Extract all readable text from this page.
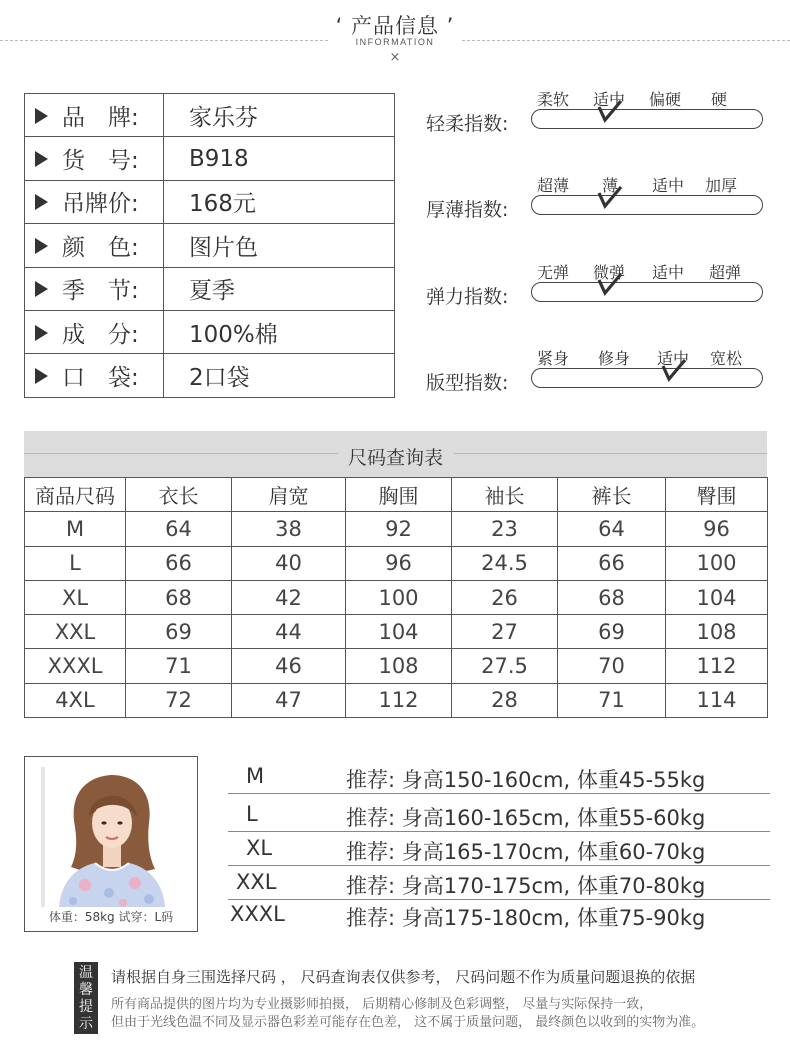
‘ 产品信息 ’
INFORMATION
×
品　牌:	家乐芬
货　号:	B918
吊牌价:	168元
颜　色:	图片色
季　节:	夏季
成　分:	100%棉
口　袋:	2口袋
轻柔指数:
柔软 适中 偏硬 硬
厚薄指数:
超薄 薄 适中 加厚
弹力指数:
无弹 微弹 适中 超弹
版型指数:
紧身 修身 适中 宽松
尺码查询表
商品尺码	衣长	肩宽	胸围	袖长	裤长	臀围
M	64	38	92	23	64	96
L	66	40	96	24.5	66	100
XL	68	42	100	26	68	104
XXL	69	44	104	27	69	108
XXXL	71	46	108	27.5	70	112
4XL	72	47	112	28	71	114
体重：58kg 试穿：L码
M	推荐: 身高150-160cm, 体重45-55kg
L	推荐: 身高160-165cm, 体重55-60kg
XL	推荐: 身高165-170cm, 体重60-70kg
XXL	推荐: 身高170-175cm, 体重70-80kg
XXXL	推荐: 身高175-180cm, 体重75-90kg
温馨提示
请根据自身三围选择尺码 ， 尺码查询表仅供参考， 尺码问题不作为质量问题退换的依据
所有商品提供的图片均为专业摄影师拍摄， 后期精心修制及色彩调整， 尽量与实际保持一致，
但由于光线色温不同及显示器色彩差可能存在色差， 这不属于质量问题， 最终颜色以收到的实物为准。
